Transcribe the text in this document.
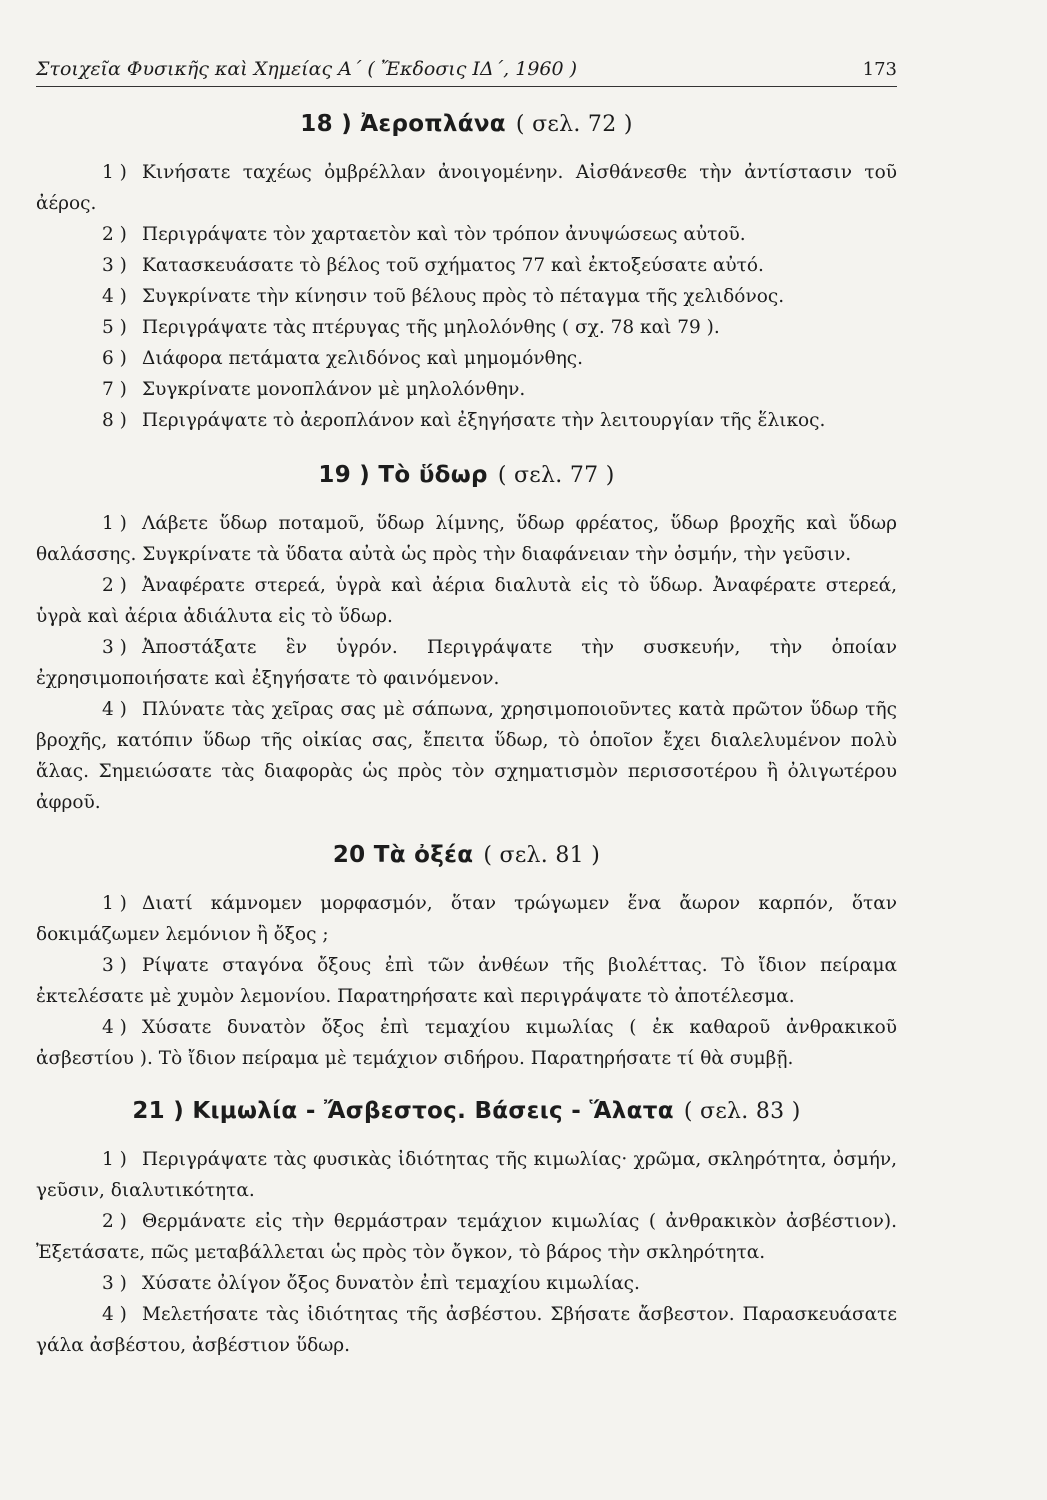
Στοιχεῖα Φυσικῆς καὶ Χημείας Α΄ ( Ἔκδοσις ΙΔ΄, 1960 )	173
18 ) Ἀεροπλάνα ( σελ. 72 )

1 ) Κινήσατε ταχέως ὀμβρέλλαν ἀνοιγομένην. Αἰσθάνεσθε τὴν ἀντίστασιν τοῦ ἀέρος.

2 ) Περιγράψατε τὸν χαρταετὸν καὶ τὸν τρόπον ἀνυψώσεως αὐτοῦ.

3 ) Κατασκευάσατε τὸ βέλος τοῦ σχήματος 77 καὶ ἐκτοξεύσατε αὐτό.

4 ) Συγκρίνατε τὴν κίνησιν τοῦ βέλους πρὸς τὸ πέταγμα τῆς χελιδόνος.

5 ) Περιγράψατε τὰς πτέρυγας τῆς μηλολόνθης ( σχ. 78 καὶ 79 ).

6 ) Διάφορα πετάματα χελιδόνος καὶ μημομόνθης.

7 ) Συγκρίνατε μονοπλάνον μὲ μηλολόνθην.

8 ) Περιγράψατε τὸ ἀεροπλάνον καὶ ἐξηγήσατε τὴν λειτουργίαν τῆς ἕλικος.

19 ) Τὸ ὕδωρ ( σελ. 77 )

1 ) Λάβετε ὕδωρ ποταμοῦ, ὕδωρ λίμνης, ὕδωρ φρέατος, ὕδωρ βροχῆς καὶ ὕδωρ θαλάσσης. Συγκρίνατε τὰ ὕδατα αὐτὰ ὡς πρὸς τὴν διαφάνειαν τὴν ὀσμήν, τὴν γεῦσιν.

2 ) Ἀναφέρατε στερεά, ὑγρὰ καὶ ἀέρια διαλυτὰ εἰς τὸ ὕδωρ. Ἀναφέρατε στερεά, ὑγρὰ καὶ ἀέρια ἀδιάλυτα εἰς τὸ ὕδωρ.

3 ) Ἀποστάξατε ἓν ὑγρόν. Περιγράψατε τὴν συσκευήν, τὴν ὁποίαν ἐχρησιμοποιήσατε καὶ ἐξηγήσατε τὸ φαινόμενον.

4 ) Πλύνατε τὰς χεῖρας σας μὲ σάπωνα, χρησιμοποιοῦντες κατὰ πρῶτον ὕδωρ τῆς βροχῆς, κατόπιν ὕδωρ τῆς οἰκίας σας, ἔπειτα ὕδωρ, τὸ ὁποῖον ἔχει διαλελυμένον πολὺ ἅλας. Σημειώσατε τὰς διαφορὰς ὡς πρὸς τὸν σχηματισμὸν περισσοτέρου ἢ ὀλιγωτέρου ἀφροῦ.

20 Τὰ ὀξέα ( σελ. 81 )

1 ) Διατί κάμνομεν μορφασμόν, ὅταν τρώγωμεν ἕνα ἄωρον καρπόν, ὅταν δοκιμάζωμεν λεμόνιον ἢ ὄξος ;

3 ) Ρίψατε σταγόνα ὄξους ἐπὶ τῶν ἀνθέων τῆς βιολέττας. Τὸ ἴδιον πείραμα ἐκτελέσατε μὲ χυμὸν λεμονίου. Παρατηρήσατε καὶ περιγράψατε τὸ ἀποτέλεσμα.

4 ) Χύσατε δυνατὸν ὄξος ἐπὶ τεμαχίου κιμωλίας ( ἐκ καθαροῦ ἀνθρακικοῦ ἀσβεστίου ). Τὸ ἴδιον πείραμα μὲ τεμάχιον σιδήρου. Παρατηρήσατε τί θὰ συμβῇ.

21 ) Κιμωλία - Ἄσβεστος. Βάσεις - Ἅλατα ( σελ. 83 )

1 ) Περιγράψατε τὰς φυσικὰς ἰδιότητας τῆς κιμωλίας· χρῶμα, σκληρότητα, ὀσμήν, γεῦσιν, διαλυτικότητα.

2 ) Θερμάνατε εἰς τὴν θερμάστραν τεμάχιον κιμωλίας ( ἀνθρακικὸν ἀσβέστιον). Ἐξετάσατε, πῶς μεταβάλλεται ὡς πρὸς τὸν ὄγκον, τὸ βάρος τὴν σκληρότητα.

3 ) Χύσατε ὀλίγον ὄξος δυνατὸν ἐπὶ τεμαχίου κιμωλίας.

4 ) Μελετήσατε τὰς ἰδιότητας τῆς ἀσβέστου. Σβήσατε ἄσβεστον. Παρασκευάσατε γάλα ἀσβέστου, ἀσβέστιον ὕδωρ.
